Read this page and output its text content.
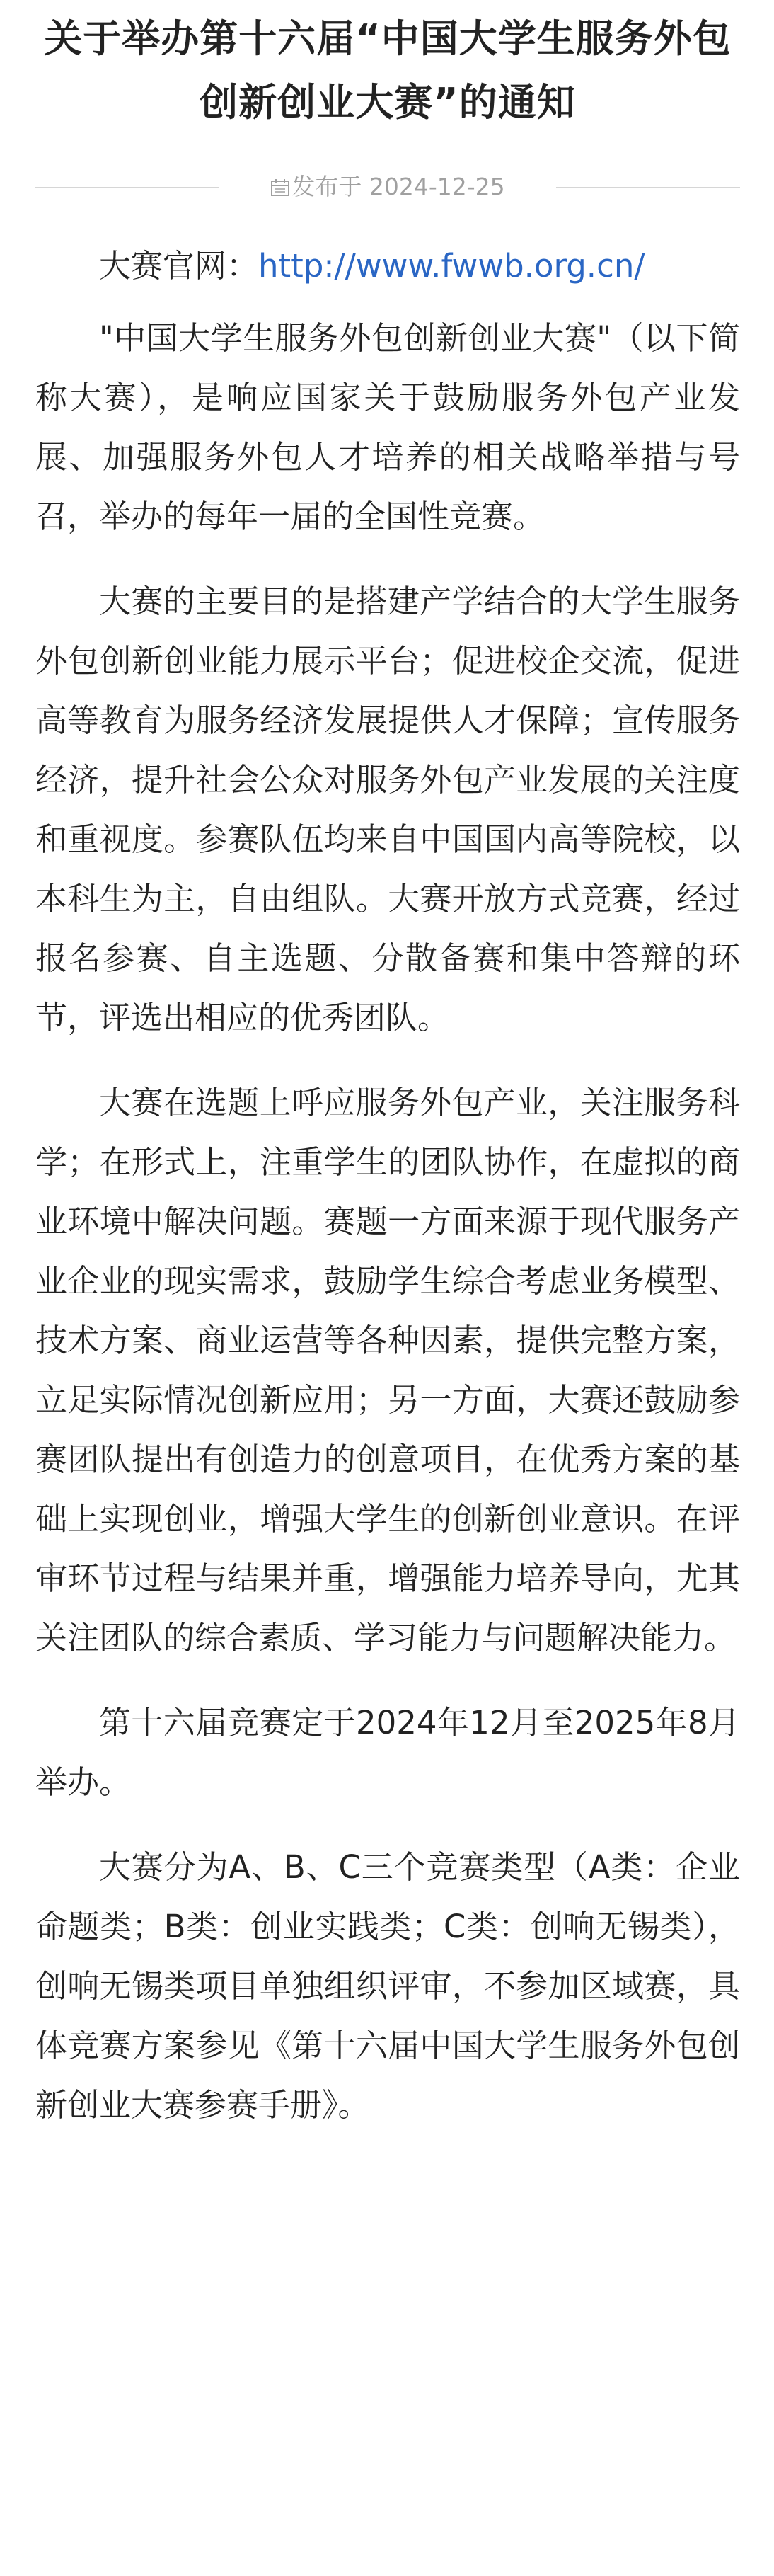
关于举办第十六届“中国大学生服务外包创新创业大赛”的通知
发布于 2024-12-25

大赛官网：http://www.fwwb.org.cn/

"中国大学生服务外包创新创业大赛"（以下简称大赛），是响应国家关于鼓励服务外包产业发展、加强服务外包人才培养的相关战略举措与号召，举办的每年一届的全国性竞赛。

大赛的主要目的是搭建产学结合的大学生服务外包创新创业能力展示平台；促进校企交流，促进高等教育为服务经济发展提供人才保障；宣传服务经济，提升社会公众对服务外包产业发展的关注度和重视度。参赛队伍均来自中国国内高等院校，以本科生为主，自由组队。大赛开放方式竞赛，经过报名参赛、自主选题、分散备赛和集中答辩的环节，评选出相应的优秀团队。

大赛在选题上呼应服务外包产业，关注服务科学；在形式上，注重学生的团队协作，在虚拟的商业环境中解决问题。赛题一方面来源于现代服务产业企业的现实需求，鼓励学生综合考虑业务模型、技术方案、商业运营等各种因素，提供完整方案，立足实际情况创新应用；另一方面，大赛还鼓励参赛团队提出有创造力的创意项目，在优秀方案的基础上实现创业，增强大学生的创新创业意识。在评审环节过程与结果并重，增强能力培养导向，尤其关注团队的综合素质、学习能力与问题解决能力。

第十六届竞赛定于2024年12月至2025年8月举办。

大赛分为A、B、C三个竞赛类型（A类：企业命题类；B类：创业实践类；C类：创响无锡类），创响无锡类项目单独组织评审，不参加区域赛，具体竞赛方案参见《第十六届中国大学生服务外包创新创业大赛参赛手册》。
